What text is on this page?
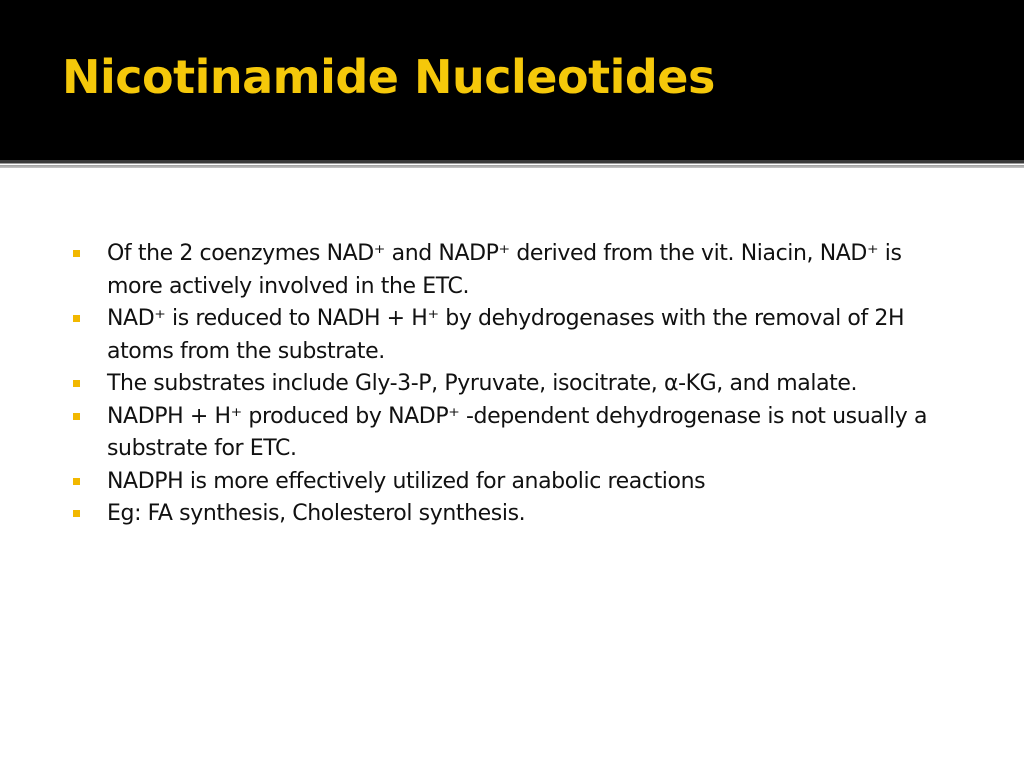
Nicotinamide Nucleotides
Of the 2 coenzymes NAD⁺ and NADP⁺ derived from the vit. Niacin, NAD⁺ is more actively involved in the ETC.
NAD⁺ is reduced to NADH + H⁺ by dehydrogenases with the removal of 2H atoms from the substrate.
The substrates include Gly-3-P, Pyruvate, isocitrate, α-KG, and malate.
NADPH + H⁺ produced by NADP⁺ -dependent dehydrogenase is not usually a substrate for ETC.
NADPH is more effectively utilized for anabolic reactions
Eg: FA synthesis, Cholesterol synthesis.
